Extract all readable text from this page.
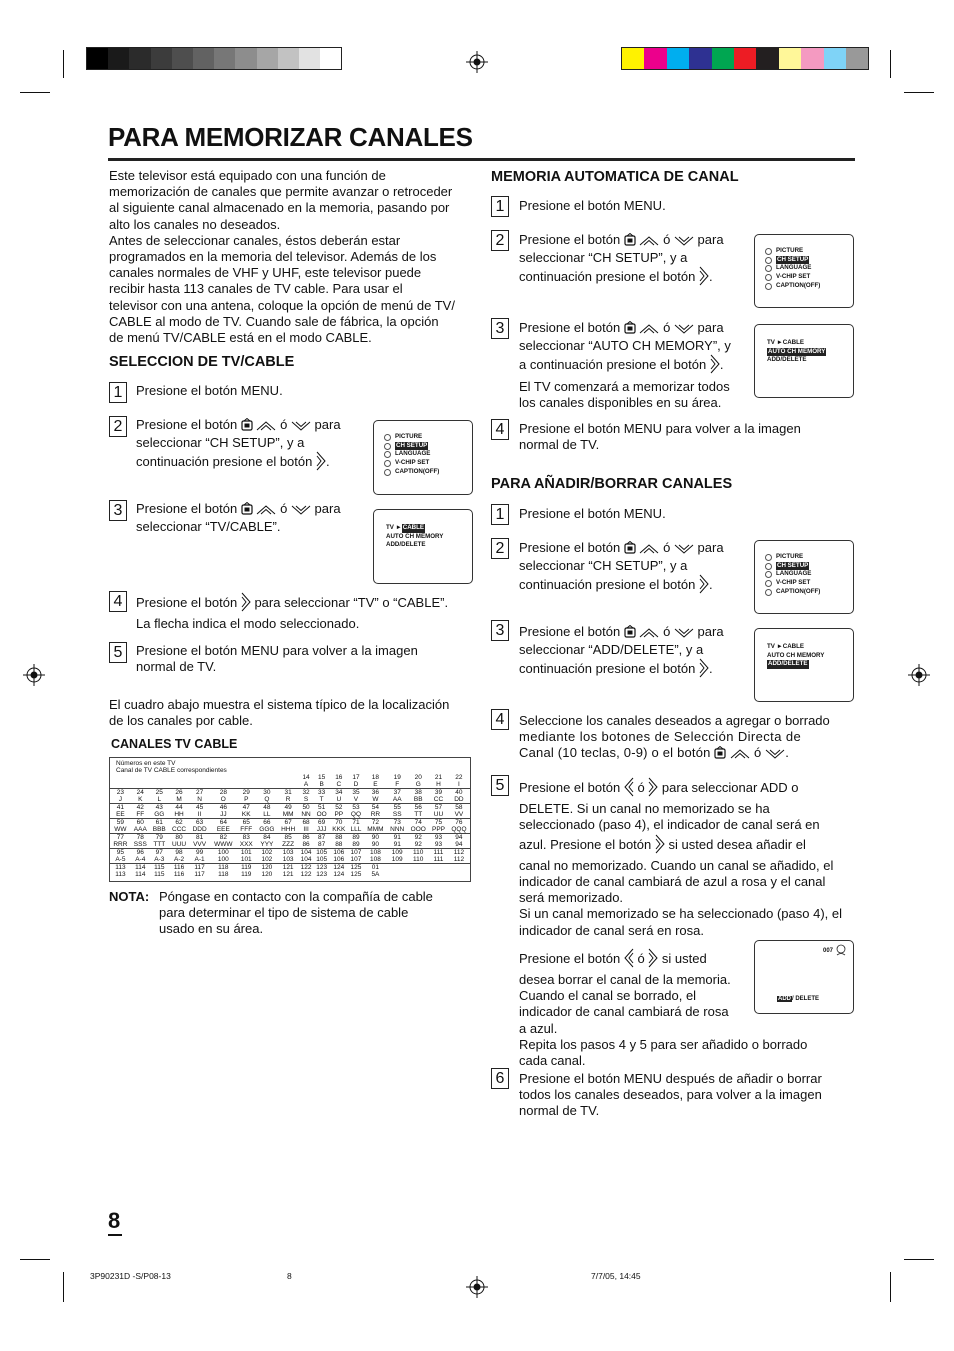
PARA MEMORIZAR CANALES
Este televisor está equipado con una función de
memorización de canales que permite avanzar o retroceder
al siguiente canal almacenado en la memoria, pasando por
alto los canales no deseados.
Antes de seleccionar canales, éstos deberán estar
programados en la memoria del televisor. Además de los
canales normales de VHF y UHF, este televisor puede
recibir hasta 113 canales de TV cable. Para usar el
televisor con una antena, coloque la opción de menú de TV/
CABLE al modo de TV. Cuando sale de fábrica, la opción
de menú TV/CABLE está en el modo CABLE.
SELECCION DE TV/CABLE
1	Presione el botón MENU.
2	Presione el botón	ó para
seleccionar “CH SETUP”, y a
continuación presione el botón .
PICTURE
CH SETUP
LANGUAGE
V-CHIP SET
CAPTION(OFF)
3	Presione el botón	ó para
seleccionar “TV/CABLE”.	TV ► CABLE
AUTO CH MEMORY
ADD/DELETE
4	Presione el botón para seleccionar “TV” o “CABLE”.
La flecha indica el modo seleccionado.
5	Presione el botón MENU para volver a la imagen
normal de TV.
El cuadro abajo muestra el sistema típico de la localización
de los canales por cable.
CANALES TV CABLE
Números en este TV																	
Canal de TV CABLE correspondientes																	
									14	15	16	17	18	19	20	21	22
									A	B	C	D	E	F	G	H	I
23	24	25	26	27	28	29	30	31	32	33	34	35	36	37	38	39	40
J	K	L	M	N	O	P	Q	R	S	T	U	V	W	AA	BB	CC	DD
41	42	43	44	45	46	47	48	49	50	51	52	53	54	55	56	57	58
EE	FF	GG	HH	II	JJ	KK	LL	MM	NN	OO	PP	QQ	RR	SS	TT	UU	VV
59	60	61	62	63	64	65	66	67	68	69	70	71	72	73	74	75	76
WW	AAA	BBB	CCC	DDD	EEE	FFF	GGG	HHH	III	JJJ	KKK	LLL	MMM	NNN	OOO	PPP	QQQ
77	78	79	80	81	82	83	84	85	86	87	88	89	90	91	92	93	94
RRR	SSS	TTT	UUU	VVV	WWW	XXX	YYY	ZZZ	86	87	88	89	90	91	92	93	94
95	96	97	98	99	100	101	102	103	104	105	106	107	108	109	110	111	112
A-5	A-4	A-3	A-2	A-1	100	101	102	103	104	105	106	107	108	109	110	111	112
113	114	115	116	117	118	119	120	121	122	123	124	125	01				
113	114	115	116	117	118	119	120	121	122	123	124	125	5A				

NOTA: Póngase en contacto con la compañía de cable
para determinar el tipo de sistema de cable
usado en su área.
MEMORIA AUTOMATICA DE CANAL
1	Presione el botón MENU.
2	Presione el botón	ó para
seleccionar “CH SETUP”, y a
continuación presione el botón .
PICTURE
CH SETUP
LANGUAGE
V-CHIP SET
CAPTION(OFF)
3	Presione el botón	ó para
seleccionar “AUTO CH MEMORY”, y
a continuación presione el botón .
El TV comenzará a memorizar todos
los canales disponibles en su área.
TV ► CABLE
AUTO CH MEMORY
ADD/DELETE
4	Presione el botón MENU para volver a la imagen
normal de TV.
PARA AÑADIR/BORRAR CANALES
1	Presione el botón MENU.
2	Presione el botón	ó para
seleccionar “CH SETUP”, y a
continuación presione el botón .
PICTURE
CH SETUP
LANGUAGE
V-CHIP SET
CAPTION(OFF)
3	Presione el botón	ó para
seleccionar “ADD/DELETE”, y a
continuación presione el botón .
TV ► CABLE
AUTO CH MEMORY
ADD/DELETE
4	Seleccione los canales deseados a agregar o borrado
mediante los botones de Selección Directa de
Canal (10 teclas, 0-9) o el botón	ó .
5	Presione el botón ó para seleccionar ADD o
DELETE. Si un canal no memorizado se ha
seleccionado (paso 4), el indicador de canal será en
azul. Presione el botón si usted desea añadir el
canal no memorizado. Cuando un canal se añadido, el
indicador de canal cambiará de azul a rosa y el canal
será memorizado.
Si un canal memorizado se ha seleccionado (paso 4), el
indicador de canal será en rosa.
Presione el botón ó si usted
desea borrar el canal de la memoria.
Cuando el canal se borrado, el
indicador de canal cambiará de rosa
a azul.
Repita los pasos 4 y 5 para ser añadido o borrado
cada canal.
007
ADD/ DELETE
6	Presione el botón MENU después de añadir o borrar
todos los canales deseados, para volver a la imagen
normal de TV.
8
3P90231D -S/P08-13	8	7/7/05, 14:45
